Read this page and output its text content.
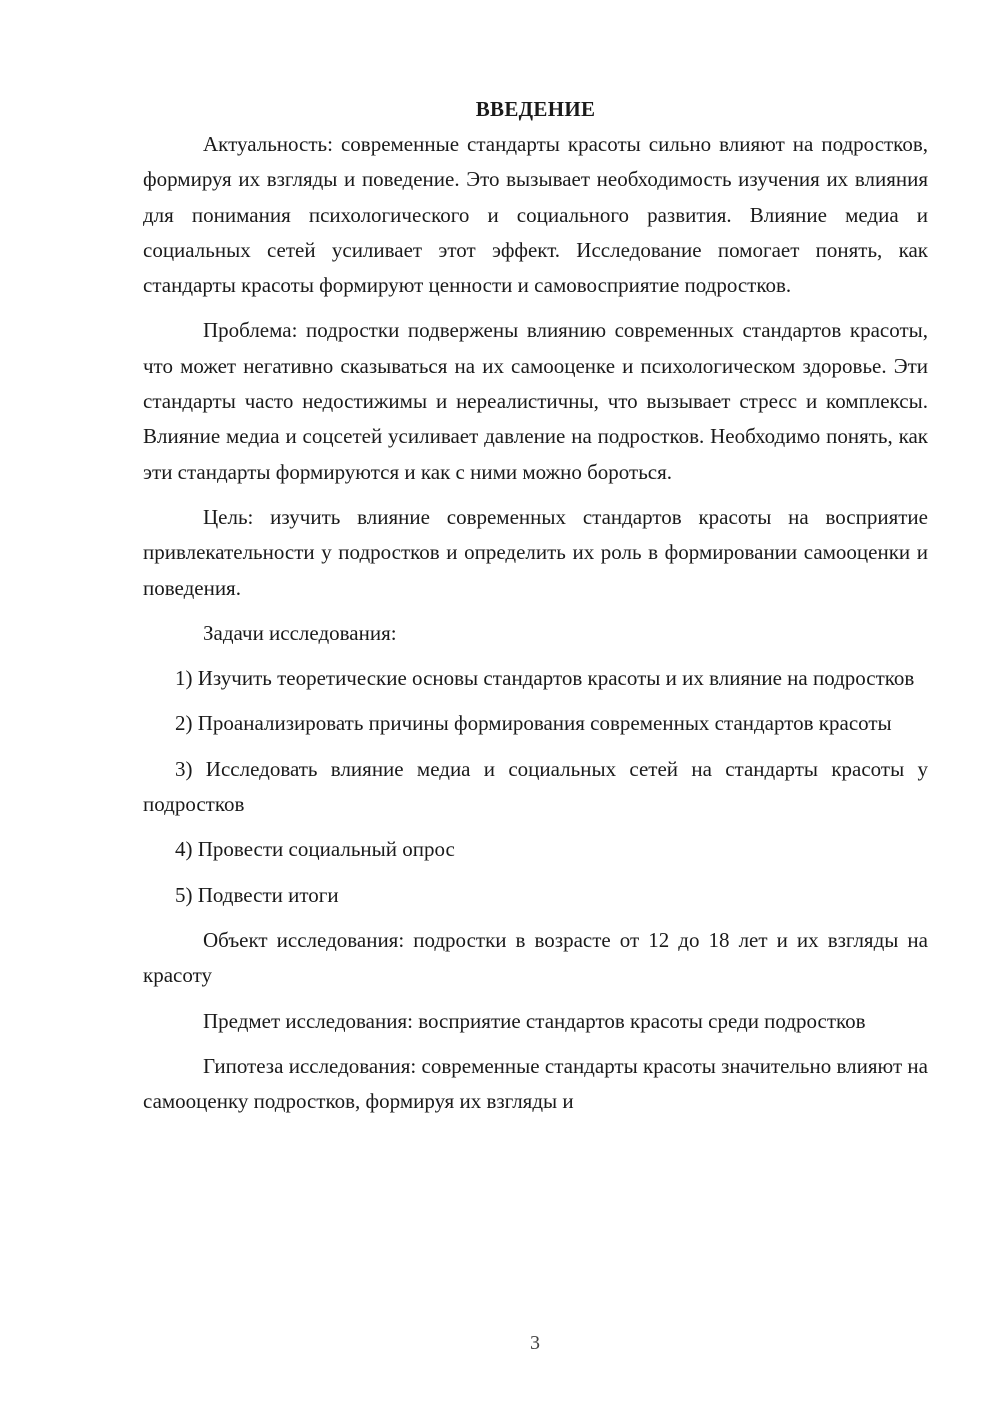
ВВЕДЕНИЕ

Актуальность: современные стандарты красоты сильно влияют на подростков, формируя их взгляды и поведение. Это вызывает необходимость изучения их влияния для понимания психологического и социального развития. Влияние медиа и социальных сетей усиливает этот эффект. Исследование помогает понять, как стандарты красоты формируют ценности и самовосприятие подростков.

Проблема: подростки подвержены влиянию современных стандартов красоты, что может негативно сказываться на их самооценке и психологическом здоровье. Эти стандарты часто недостижимы и нереалистичны, что вызывает стресс и комплексы. Влияние медиа и соцсетей усиливает давление на подростков. Необходимо понять, как эти стандарты формируются и как с ними можно бороться.

Цель: изучить влияние современных стандартов красоты на восприятие привлекательности у подростков и определить их роль в формировании самооценки и поведения.

Задачи исследования:

1) Изучить теоретические основы стандартов красоты и их влияние на подростков

2) Проанализировать причины формирования современных стандартов красоты

3) Исследовать влияние медиа и социальных сетей на стандарты красоты у подростков

4) Провести социальный опрос

5) Подвести итоги

Объект исследования: подростки в возрасте от 12 до 18 лет и их взгляды на красоту

Предмет исследования: восприятие стандартов красоты среди подростков

Гипотеза исследования: современные стандарты красоты значительно влияют на самооценку подростков, формируя их взгляды и

3
